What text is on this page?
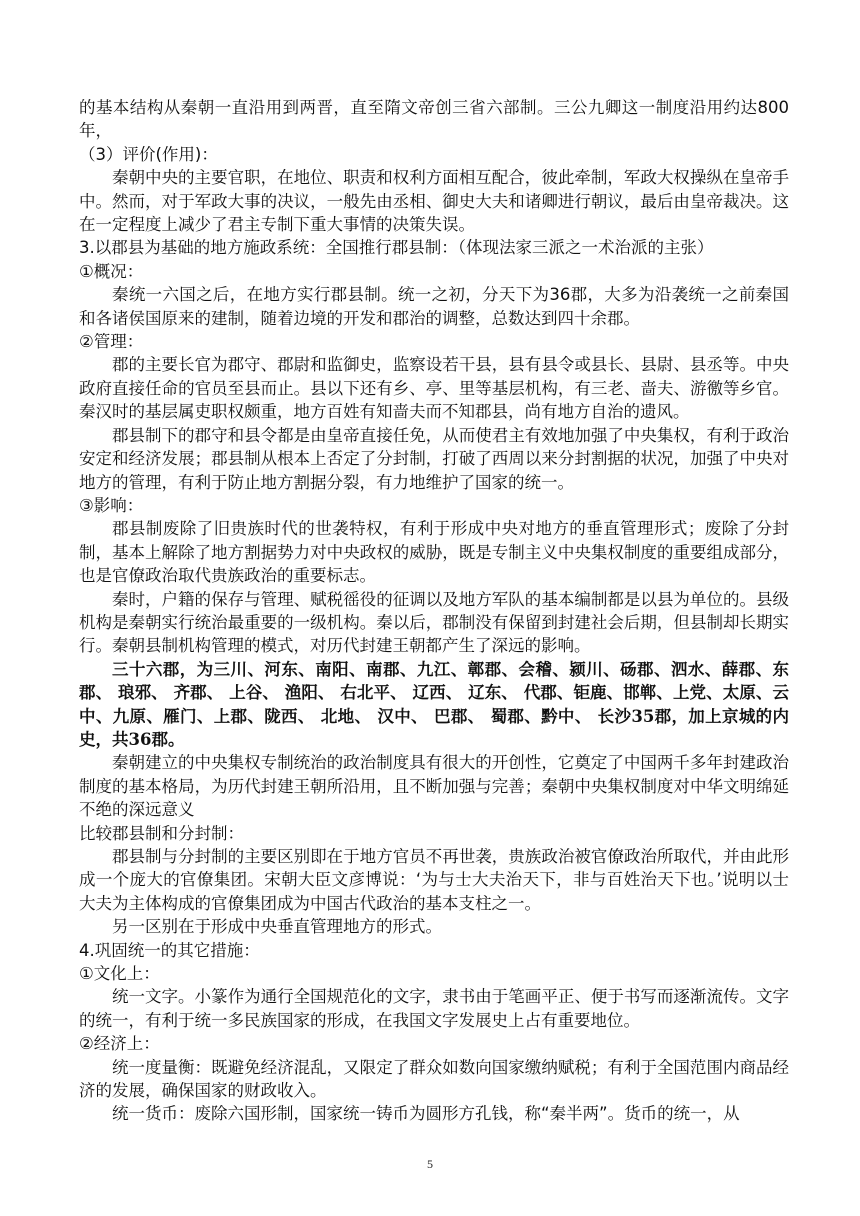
的基本结构从秦朝一直沿用到两晋，直至隋文帝创三省六部制。三公九卿这一制度沿用约达800年，

（3）评价(作用)：

秦朝中央的主要官职，在地位、职责和权利方面相互配合，彼此牵制，军政大权操纵在皇帝手中。然而，对于军政大事的决议，一般先由丞相、御史大夫和诸卿进行朝议，最后由皇帝裁决。这在一定程度上减少了君主专制下重大事情的决策失误。

3.以郡县为基础的地方施政系统：全国推行郡县制：（体现法家三派之一术治派的主张）

①概况：

秦统一六国之后，在地方实行郡县制。统一之初，分天下为36郡，大多为沿袭统一之前秦国和各诸侯国原来的建制，随着边境的开发和郡治的调整，总数达到四十余郡。

②管理：

郡的主要长官为郡守、郡尉和监御史，监察设若干县，县有县令或县长、县尉、县丞等。中央政府直接任命的官员至县而止。县以下还有乡、亭、里等基层机构，有三老、啬夫、游徼等乡官。秦汉时的基层属吏职权颇重，地方百姓有知啬夫而不知郡县，尚有地方自治的遗风。

郡县制下的郡守和县令都是由皇帝直接任免，从而使君主有效地加强了中央集权，有利于政治安定和经济发展；郡县制从根本上否定了分封制，打破了西周以来分封割据的状况，加强了中央对地方的管理，有利于防止地方割据分裂，有力地维护了国家的统一。

③影响：

郡县制废除了旧贵族时代的世袭特权，有利于形成中央对地方的垂直管理形式；废除了分封制，基本上解除了地方割据势力对中央政权的威胁，既是专制主义中央集权制度的重要组成部分，也是官僚政治取代贵族政治的重要标志。

秦时，户籍的保存与管理、赋税徭役的征调以及地方军队的基本编制都是以县为单位的。县级机构是秦朝实行统治最重要的一级机构。秦以后，郡制没有保留到封建社会后期，但县制却长期实行。秦朝县制机构管理的模式，对历代封建王朝都产生了深远的影响。

三十六郡，为三川、河东、南阳、南郡、九江、鄣郡、会稽、颍川、砀郡、泗水、薛郡、东郡、 琅邪、 齐郡、 上谷、 渔阳、 右北平、 辽西、 辽东、 代郡、钜鹿、邯郸、上党、太原、云中、九原、雁门、上郡、陇西、 北地、 汉中、 巴郡、 蜀郡、黔中、 长沙35郡，加上京城的内史，共36郡。

秦朝建立的中央集权专制统治的政治制度具有很大的开创性，它奠定了中国两千多年封建政治制度的基本格局，为历代封建王朝所沿用，且不断加强与完善；秦朝中央集权制度对中华文明绵延不绝的深远意义

比较郡县制和分封制：

郡县制与分封制的主要区别即在于地方官员不再世袭，贵族政治被官僚政治所取代，并由此形成一个庞大的官僚集团。宋朝大臣文彦博说：‘为与士大夫治天下，非与百姓治天下也。’说明以士大夫为主体构成的官僚集团成为中国古代政治的基本支柱之一。

另一区别在于形成中央垂直管理地方的形式。

4.巩固统一的其它措施：

①文化上：

统一文字。小篆作为通行全国规范化的文字，隶书由于笔画平正、便于书写而逐渐流传。文字的统一，有利于统一多民族国家的形成，在我国文字发展史上占有重要地位。

②经济上：

统一度量衡：既避免经济混乱，又限定了群众如数向国家缴纳赋税；有利于全国范围内商品经济的发展，确保国家的财政收入。

统一货币：废除六国形制，国家统一铸币为圆形方孔钱，称“秦半两”。货币的统一，从

5
